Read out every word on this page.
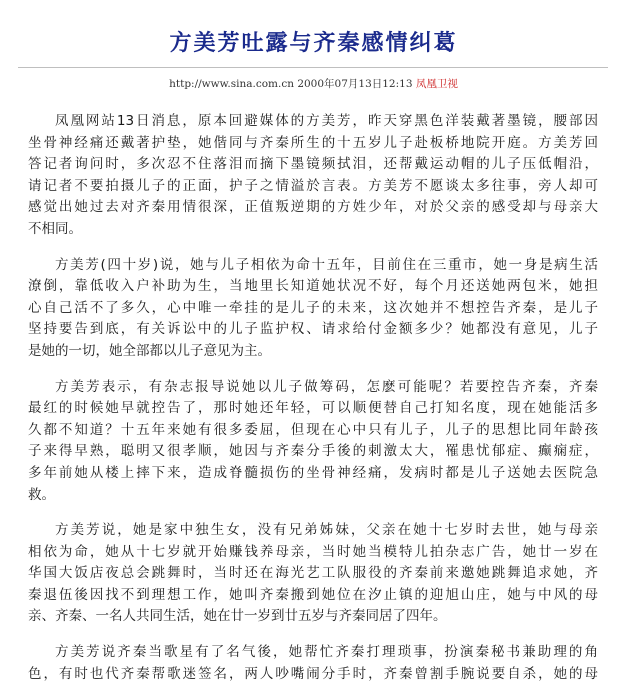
方美芳吐露与齐秦感情纠葛
http://www.sina.com.cn 2000年07月13日12:13 凤凰卫视

凤凰网站13日消息，原本回避媒体的方美芳，昨天穿黑色洋装戴著墨镜，腰部因
坐骨神经痛还戴著护垫，她偕同与齐秦所生的十五岁儿子赴板桥地院开庭。方美芳回
答记者询问时，多次忍不住落泪而摘下墨镜频拭泪，还帮戴运动帽的儿子压低帽沿，
请记者不要拍摄儿子的正面，护子之情溢於言表。方美芳不愿谈太多往事，旁人却可
感觉出她过去对齐秦用情很深，正值叛逆期的方姓少年，对於父亲的感受却与母亲大
不相同。

方美芳(四十岁)说，她与儿子相依为命十五年，目前住在三重市，她一身是病生活
潦倒，靠低收入户补助为生，当地里长知道她状况不好，每个月还送她两包米，她担
心自己活不了多久，心中唯一牵挂的是儿子的未来，这次她并不想控告齐秦，是儿子
坚持要告到底，有关诉讼中的儿子监护权、请求给付金额多少？她都没有意见，儿子
是她的一切，她全部都以儿子意见为主。

方美芳表示，有杂志报导说她以儿子做筹码，怎麽可能呢？若要控告齐秦，齐秦
最红的时候她早就控告了，那时她还年轻，可以顺便替自己打知名度，现在她能活多
久都不知道？十五年来她有很多委屈，但现在心中只有儿子，儿子的思想比同年龄孩
子来得早熟，聪明又很孝顺，她因与齐秦分手後的刺激太大，罹患忧郁症、癫痫症，
多年前她从楼上摔下来，造成脊髓损伤的坐骨神经痛，发病时都是儿子送她去医院急
救。

方美芳说，她是家中独生女，没有兄弟姊妹，父亲在她十七岁时去世，她与母亲
相依为命，她从十七岁就开始赚钱养母亲，当时她当模特儿拍杂志广告，她廿一岁在
华国大饭店夜总会跳舞时，当时还在海光艺工队服役的齐秦前来邀她跳舞追求她，齐
秦退伍後因找不到理想工作，她叫齐秦搬到她位在汐止镇的迎旭山庄，她与中风的母
亲、齐秦、一名人共同生活，她在廿一岁到廿五岁与齐秦同居了四年。

方美芳说齐秦当歌星有了名气後，她帮忙齐秦打理琐事，扮演秦秘书兼助理的角
色，有时也代齐秦帮歌迷签名，两人吵嘴闹分手时，齐秦曾割手腕说要自杀，她的母
